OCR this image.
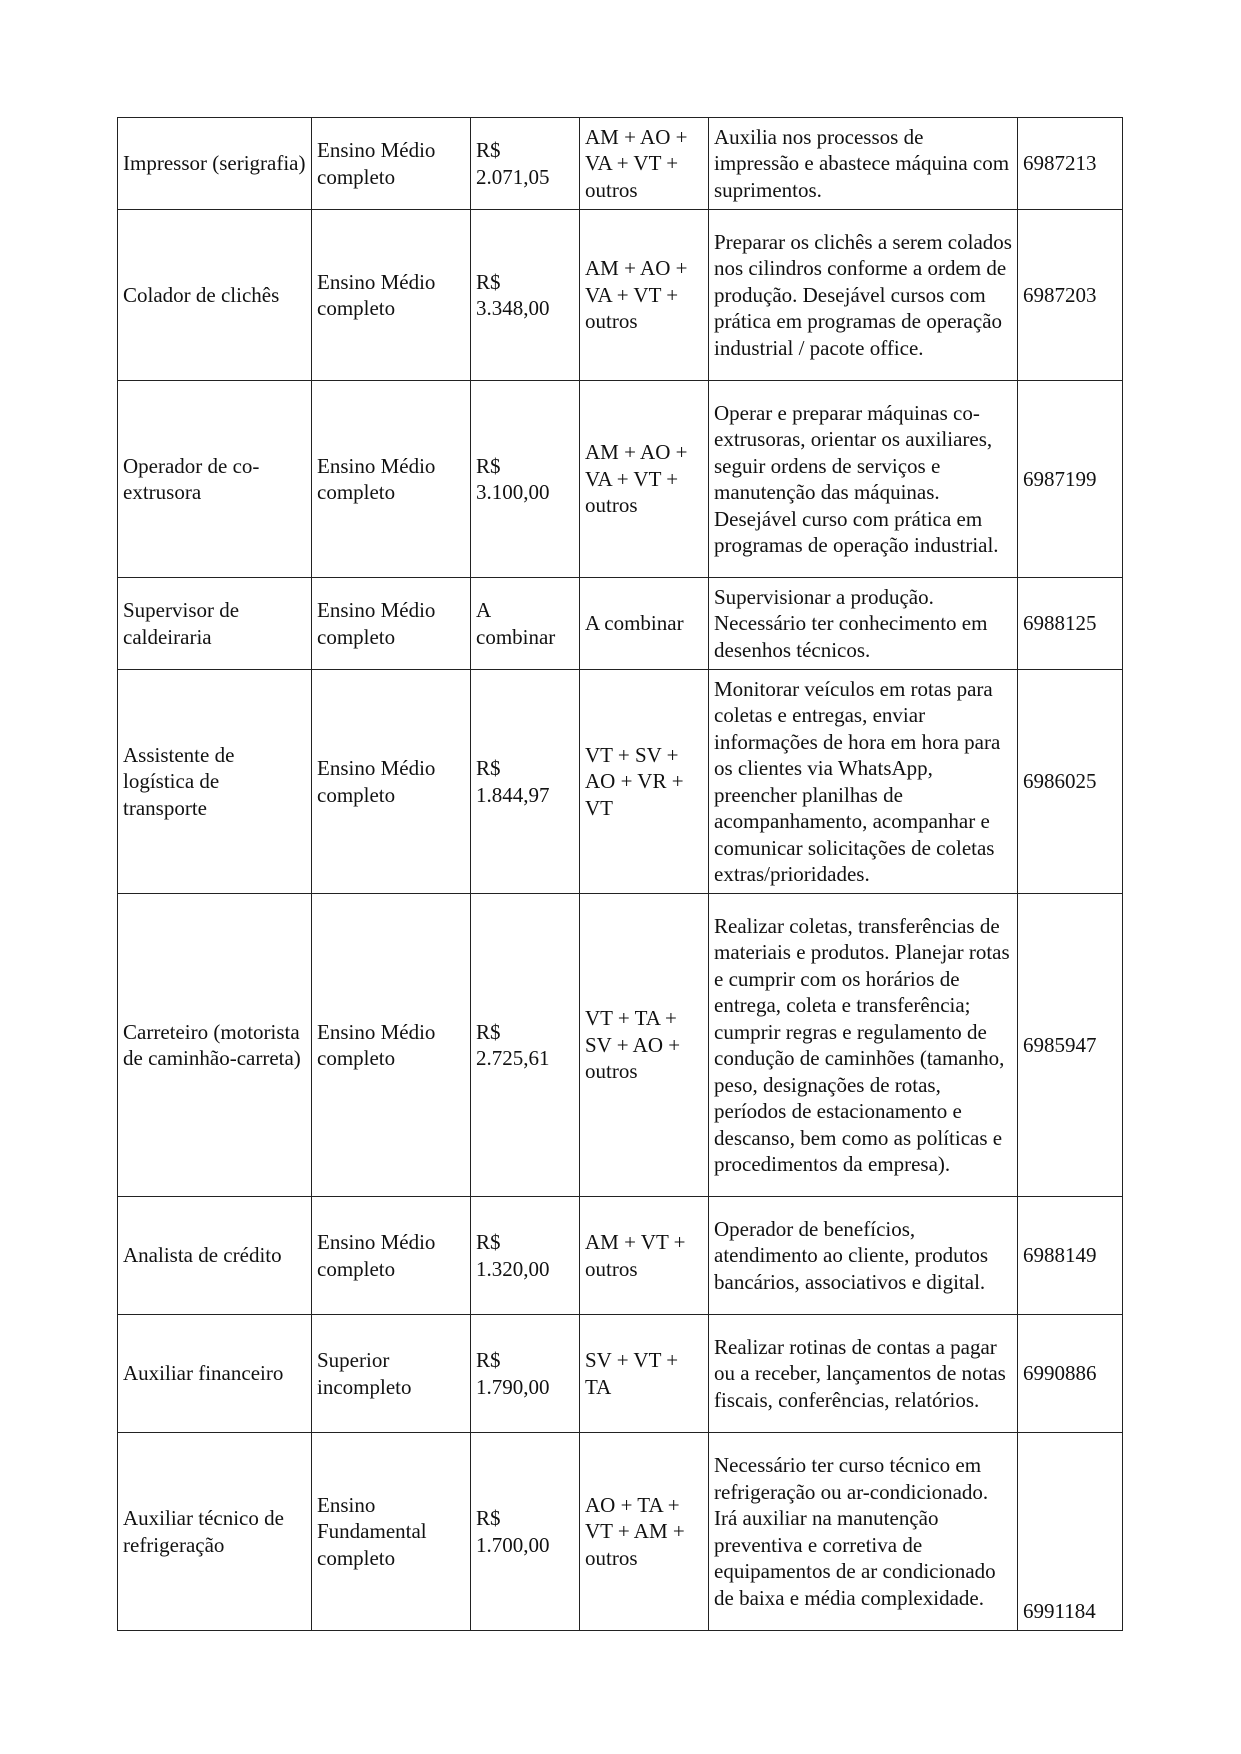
Impressor (serigrafia)	Ensino Médio completo	R$ 2.071,05	AM + AO + VA + VT + outros	Auxilia nos processos de impressão e abastece máquina com suprimentos.	6987213
Colador de clichês	Ensino Médio completo	R$ 3.348,00	AM + AO + VA + VT + outros	Preparar os clichês a serem colados nos cilindros conforme a ordem de produção. Desejável cursos com prática em programas de operação industrial / pacote office.	6987203
Operador de co-extrusora	Ensino Médio completo	R$ 3.100,00	AM + AO + VA + VT + outros	Operar e preparar máquinas co-extrusoras, orientar os auxiliares, seguir ordens de serviços e manutenção das máquinas. Desejável curso com prática em programas de operação industrial.	6987199
Supervisor de caldeiraria	Ensino Médio completo	A combinar	A combinar	Supervisionar a produção. Necessário ter conhecimento em desenhos técnicos.	6988125
Assistente de logística de transporte	Ensino Médio completo	R$ 1.844,97	VT + SV + AO + VR + VT	Monitorar veículos em rotas para coletas e entregas, enviar informações de hora em hora para os clientes via WhatsApp, preencher planilhas de acompanhamento, acompanhar e comunicar solicitações de coletas extras/prioridades.	6986025
Carreteiro (motorista de caminhão-carreta)	Ensino Médio completo	R$ 2.725,61	VT + TA + SV + AO + outros	Realizar coletas, transferências de materiais e produtos. Planejar rotas e cumprir com os horários de entrega, coleta e transferência; cumprir regras e regulamento de condução de caminhões (tamanho, peso, designações de rotas, períodos de estacionamento e descanso, bem como as políticas e procedimentos da empresa).	6985947
Analista de crédito	Ensino Médio completo	R$ 1.320,00	AM + VT + outros	Operador de benefícios, atendimento ao cliente, produtos bancários, associativos e digital.	6988149
Auxiliar financeiro	Superior incompleto	R$ 1.790,00	SV + VT + TA	Realizar rotinas de contas a pagar ou a receber, lançamentos de notas fiscais, conferências, relatórios.	6990886
Auxiliar técnico de refrigeração	Ensino Fundamental completo	R$ 1.700,00	AO + TA + VT + AM + outros	Necessário ter curso técnico em refrigeração ou ar-condicionado. Irá auxiliar na manutenção preventiva e corretiva de equipamentos de ar condicionado de baixa e média complexidade.	6991184
